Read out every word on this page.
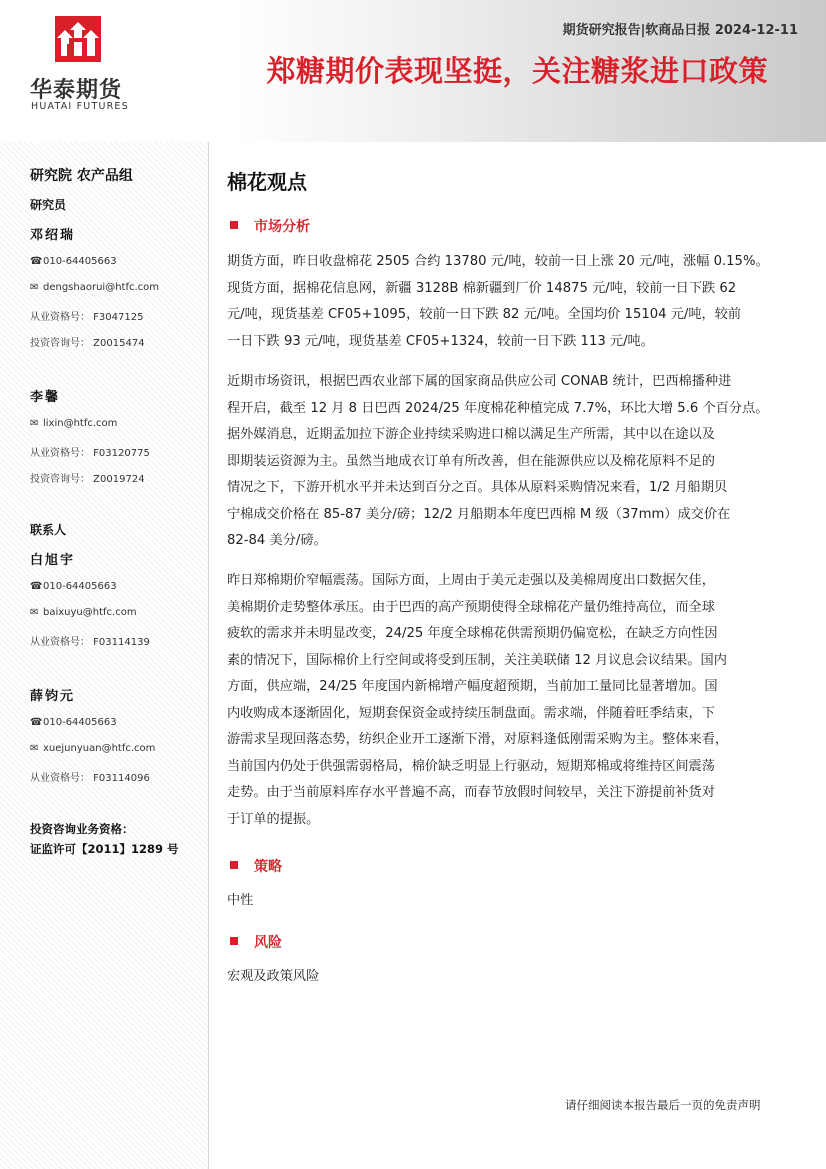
华泰期货
HUATAI FUTURES
期货研究报告|软商品日报 2024-12-11
郑糖期价表现坚挺，关注糖浆进口政策
研究院 农产品组
研究员
邓绍瑞
☎010-64405663
✉ dengshaorui@htfc.com
从业资格号： F3047125
投资咨询号： Z0015474
李馨
✉ lixin@htfc.com
从业资格号： F03120775
投资咨询号： Z0019724
联系人
白旭宇
☎010-64405663
✉ baixuyu@htfc.com
从业资格号： F03114139
薛钧元
☎010-64405663
✉ xuejunyuan@htfc.com
从业资格号： F03114096
投资咨询业务资格：
证监许可【2011】1289 号
棉花观点
市场分析
期货方面，昨日收盘棉花 2505 合约 13780 元/吨，较前一日上涨 20 元/吨，涨幅 0.15%。
现货方面，据棉花信息网，新疆 3128B 棉新疆到厂价 14875 元/吨，较前一日下跌 62
元/吨，现货基差 CF05+1095，较前一日下跌 82 元/吨。全国均价 15104 元/吨，较前
一日下跌 93 元/吨，现货基差 CF05+1324，较前一日下跌 113 元/吨。
近期市场资讯，根据巴西农业部下属的国家商品供应公司 CONAB 统计，巴西棉播种进
程开启，截至 12 月 8 日巴西 2024/25 年度棉花种植完成 7.7%，环比大增 5.6 个百分点。
据外媒消息，近期孟加拉下游企业持续采购进口棉以满足生产所需，其中以在途以及
即期装运资源为主。虽然当地成衣订单有所改善，但在能源供应以及棉花原料不足的
情况之下，下游开机水平并未达到百分之百。具体从原料采购情况来看，1/2 月船期贝
宁棉成交价格在 85-87 美分/磅；12/2 月船期本年度巴西棉 M 级（37mm）成交价在
82-84 美分/磅。
昨日郑棉期价窄幅震荡。国际方面，上周由于美元走强以及美棉周度出口数据欠佳，
美棉期价走势整体承压。由于巴西的高产预期使得全球棉花产量仍维持高位，而全球
疲软的需求并未明显改变，24/25 年度全球棉花供需预期仍偏宽松，在缺乏方向性因
素的情况下，国际棉价上行空间或将受到压制，关注美联储 12 月议息会议结果。国内
方面，供应端，24/25 年度国内新棉增产幅度超预期，当前加工量同比显著增加。国
内收购成本逐渐固化，短期套保资金或持续压制盘面。需求端，伴随着旺季结束，下
游需求呈现回落态势，纺织企业开工逐渐下滑，对原料逢低刚需采购为主。整体来看，
当前国内仍处于供强需弱格局，棉价缺乏明显上行驱动，短期郑棉或将维持区间震荡
走势。由于当前原料库存水平普遍不高，而春节放假时间较早，关注下游提前补货对
于订单的提振。
策略
中性
风险
宏观及政策风险
请仔细阅读本报告最后一页的免责声明
